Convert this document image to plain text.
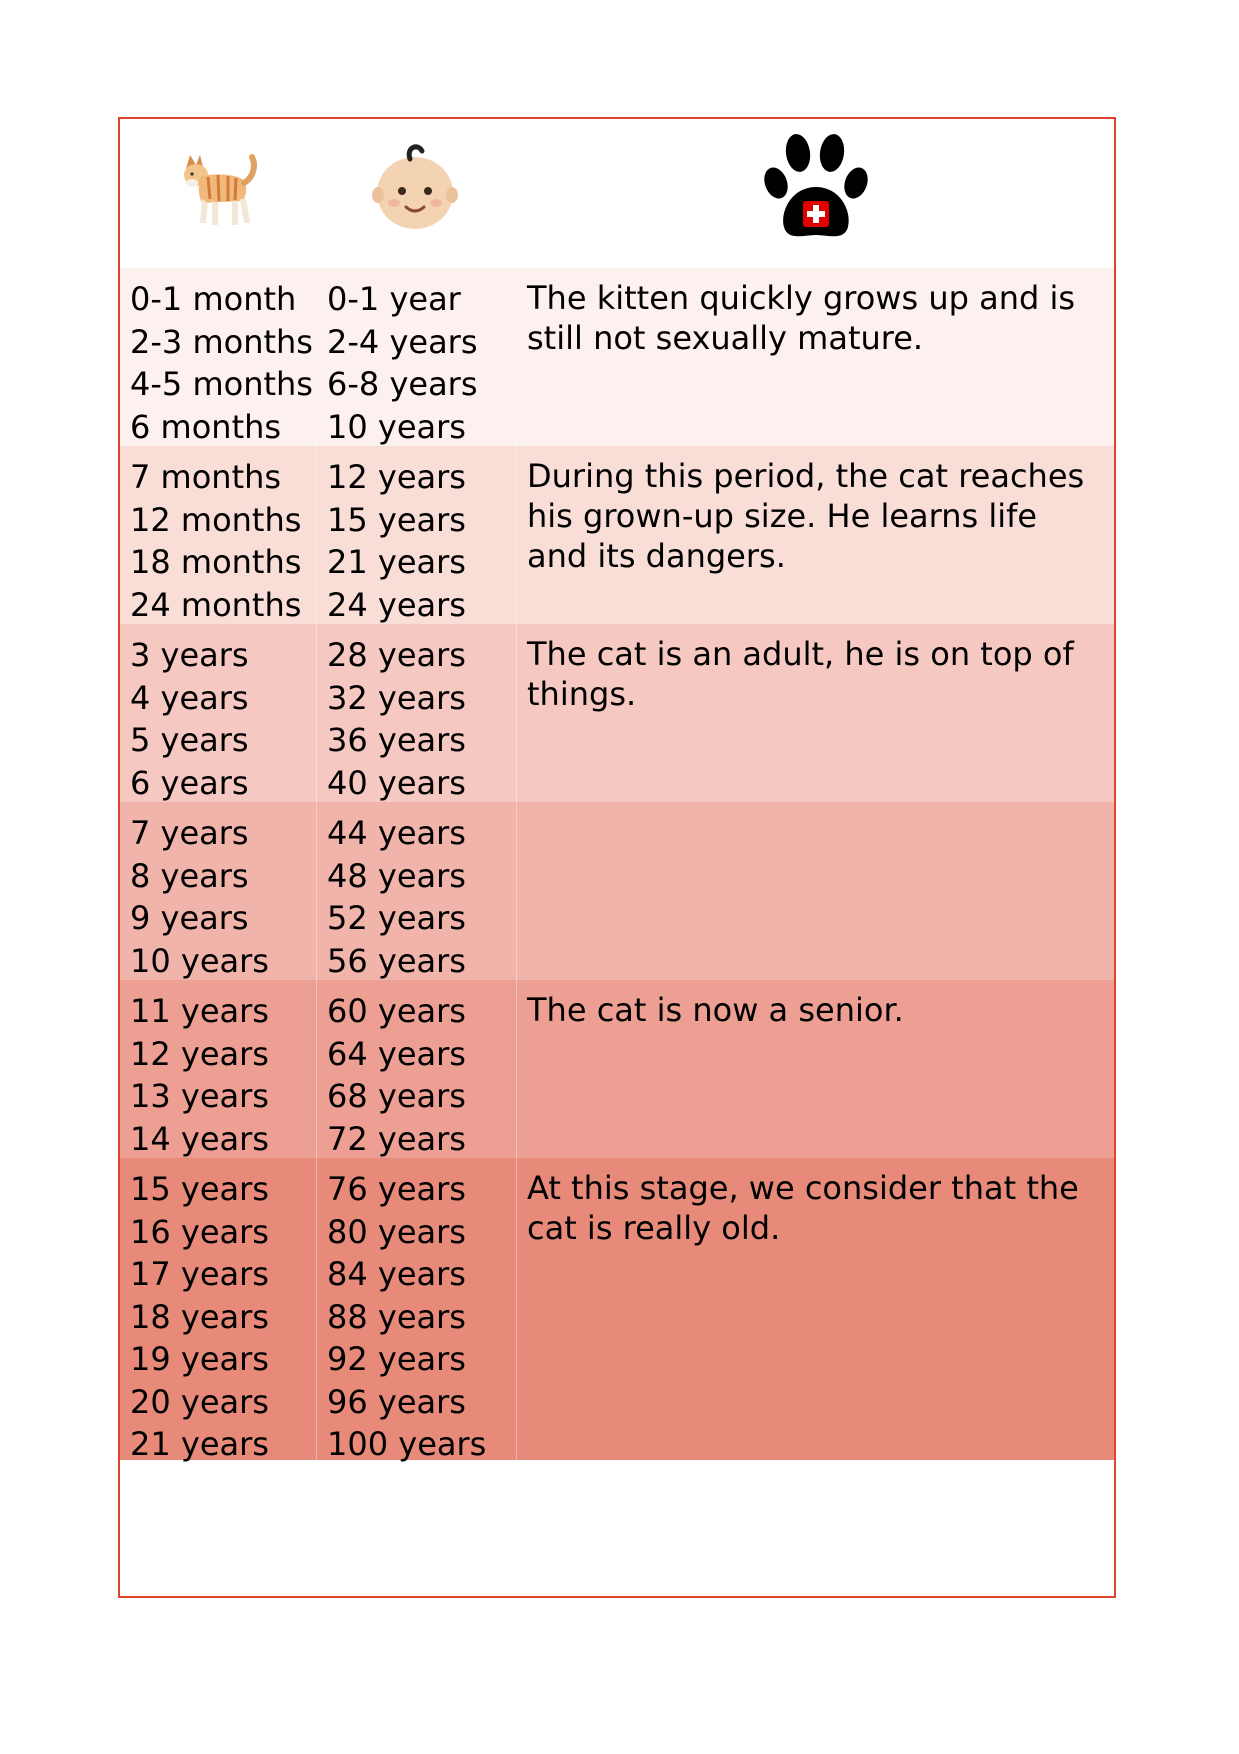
0-1 month
2-3 months
4-5 months
6 months
0-1 year
2-4 years
6-8 years
10 years
The kitten quickly grows up and is still not sexually mature.
7 months
12 months
18 months
24 months
12 years
15 years
21 years
24 years
During this period, the cat reaches his grown-up size. He learns life and its dangers.
3 years
4 years
5 years
6 years
28 years
32 years
36 years
40 years
The cat is an adult, he is on top of things.
7 years
8 years
9 years
10 years
44 years
48 years
52 years
56 years
11 years
12 years
13 years
14 years
60 years
64 years
68 years
72 years
The cat is now a senior.
15 years
16 years
17 years
18 years
19 years
20 years
21 years
76 years
80 years
84 years
88 years
92 years
96 years
100 years
At this stage, we consider that the cat is really old.
©swisscatblog.ch
